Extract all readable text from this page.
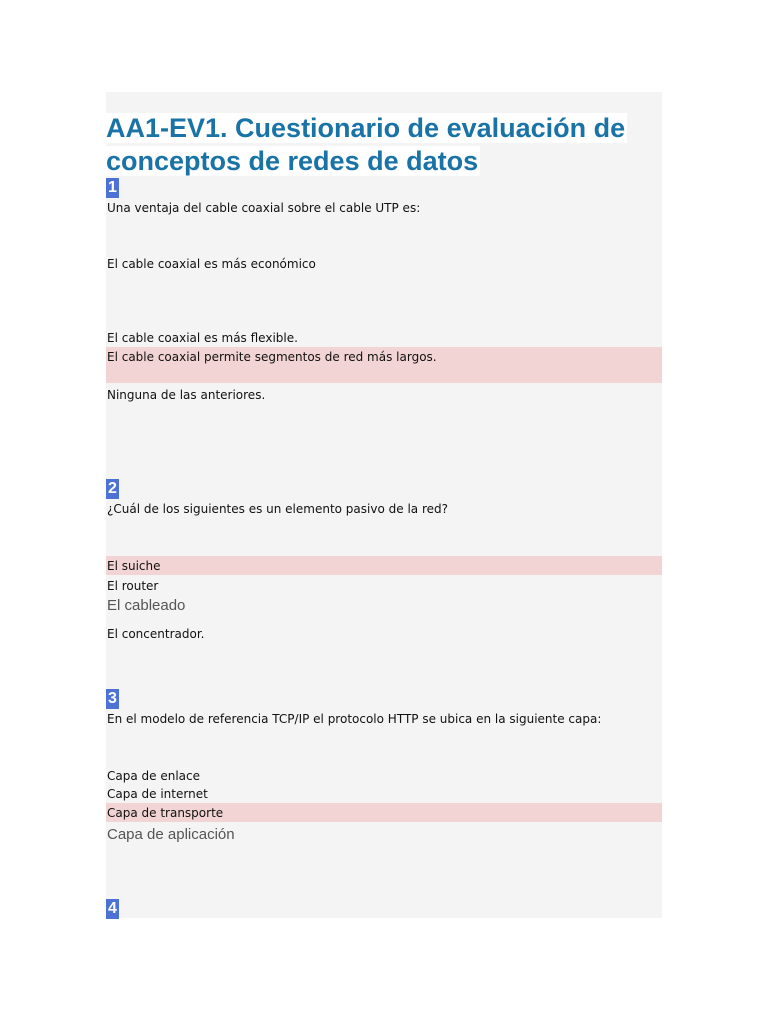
AA1-EV1. Cuestionario de evaluación de
conceptos de redes de datos
1
Una ventaja del cable coaxial sobre el cable UTP es:
El cable coaxial es más económico
El cable coaxial es más flexible.
El cable coaxial permite segmentos de red más largos.
Ninguna de las anteriores.
2
¿Cuál de los siguientes es un elemento pasivo de la red?
El suiche
El router
El cableado
El concentrador.
3
En el modelo de referencia TCP/IP el protocolo HTTP se ubica en la siguiente capa:
Capa de enlace
Capa de internet
Capa de transporte
Capa de aplicación
4
